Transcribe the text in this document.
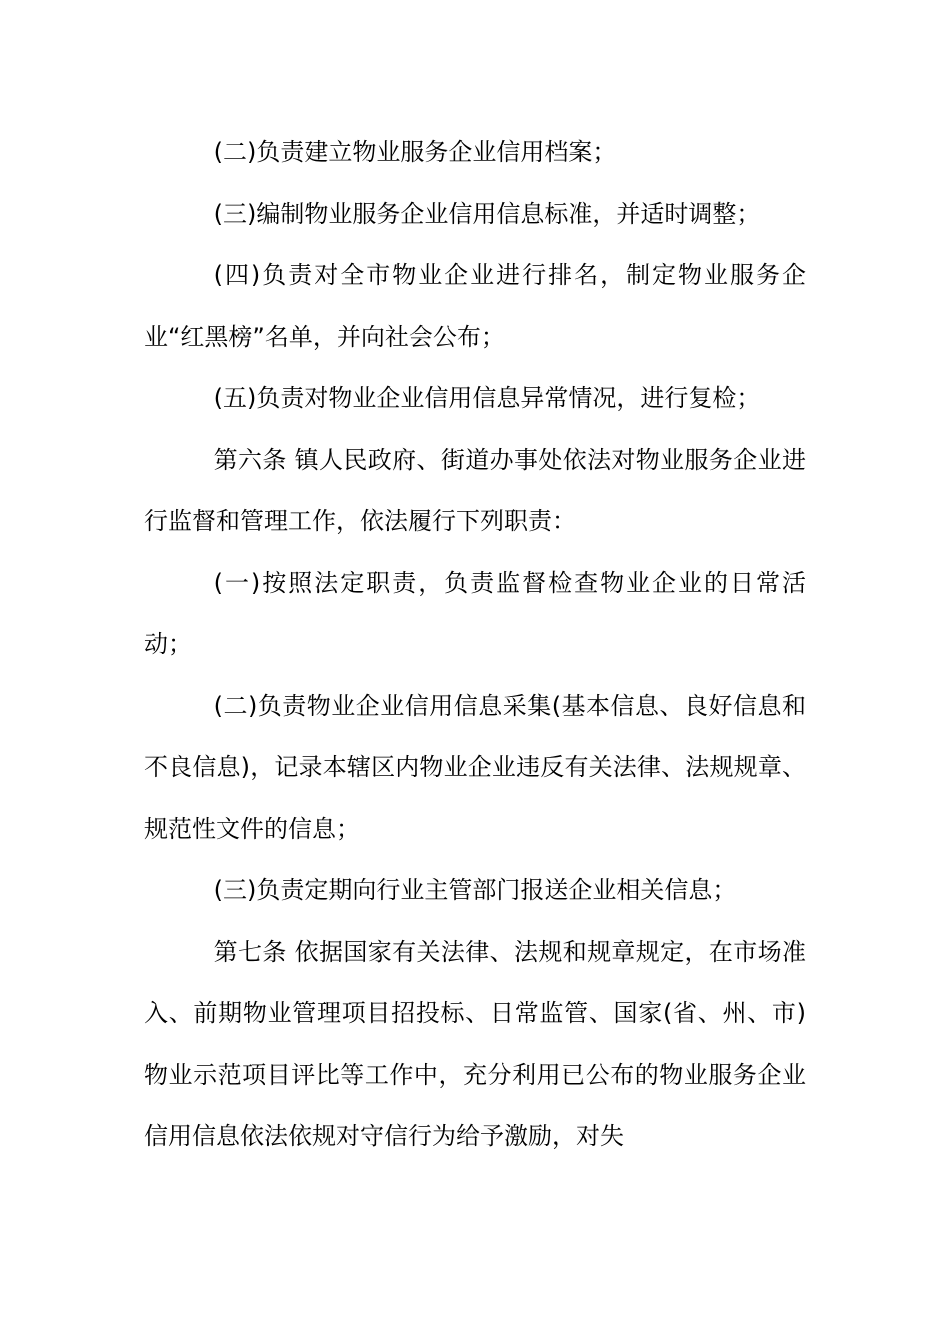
(二)负责建立物业服务企业信用档案；

(三)编制物业服务企业信用信息标准，并适时调整；

(四)负责对全市物业企业进行排名，制定物业服务企业“红黑榜”名单，并向社会公布；

(五)负责对物业企业信用信息异常情况，进行复检；

第六条 镇人民政府、街道办事处依法对物业服务企业进行监督和管理工作，依法履行下列职责：

(一)按照法定职责，负责监督检查物业企业的日常活动；

(二)负责物业企业信用信息采集(基本信息、良好信息和不良信息)，记录本辖区内物业企业违反有关法律、法规规章、规范性文件的信息；

(三)负责定期向行业主管部门报送企业相关信息；

第七条 依据国家有关法律、法规和规章规定，在市场准入、前期物业管理项目招投标、日常监管、国家(省、州、市)物业示范项目评比等工作中，充分利用已公布的物业服务企业信用信息依法依规对守信行为给予激励，对失
